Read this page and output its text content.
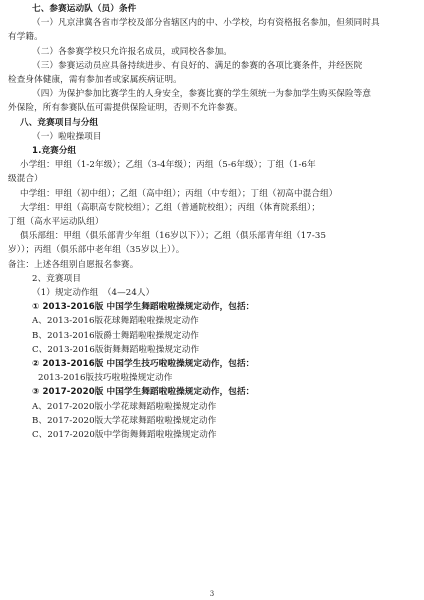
七、参赛运动队（员）条件
（一）凡京津冀各省市学校及部分省辖区内的中、小学校，均有资格报名参加，但须同时具
有学籍。
（二）各参赛学校只允许报名成员，或同校各参加。
（三）参赛运动员应具备持续进步、有良好的、满足的参赛的各项比赛条件，并经医院
检查身体健康，需有参加者或家属疾病证明。
（四）为保护参加比赛学生的人身安全，参赛比赛的学生须统一为参加学生购买保险等意
外保险，所有参赛队伍可需提供保险证明，否则不允许参赛。
八、竞赛项目与分组
（一）啦啦操项目
1.竞赛分组
小学组：甲组（1-2年级）；乙组（3-4年级）；丙组（5-6年级）；丁组（1-6年
级混合）
中学组：甲组（初中组）；乙组（高中组）；丙组（中专组）；丁组（初高中混合组）
大学组：甲组（高职高专院校组）；乙组（普通院校组）；丙组（体育院系组）；
丁组（高水平运动队组）
俱乐部组：甲组（俱乐部青少年组（16岁以下））；乙组（俱乐部青年组（17-35
岁））；丙组（俱乐部中老年组（35岁以上））。
备注：上述各组别自愿报名参赛。
2、竞赛项目
（1）规定动作组　（4—24人）
① 2013-2016版 中国学生舞蹈啦啦操规定动作，包括：
A、2013-2016版花球舞蹈啦啦操规定动作
B、2013-2016版爵士舞蹈啦啦操规定动作
C、2013-2016版街舞舞蹈啦啦操规定动作
② 2013-2016版 中国学生技巧啦啦操规定动作，包括：
2013-2016版技巧啦啦操规定动作
③ 2017-2020版 中国学生舞蹈啦啦操规定动作，包括：
A、2017-2020版小学花球舞蹈啦啦操规定动作
B、2017-2020版大学花球舞蹈啦啦操规定动作
C、2017-2020版中学街舞舞蹈啦啦操规定动作
3
